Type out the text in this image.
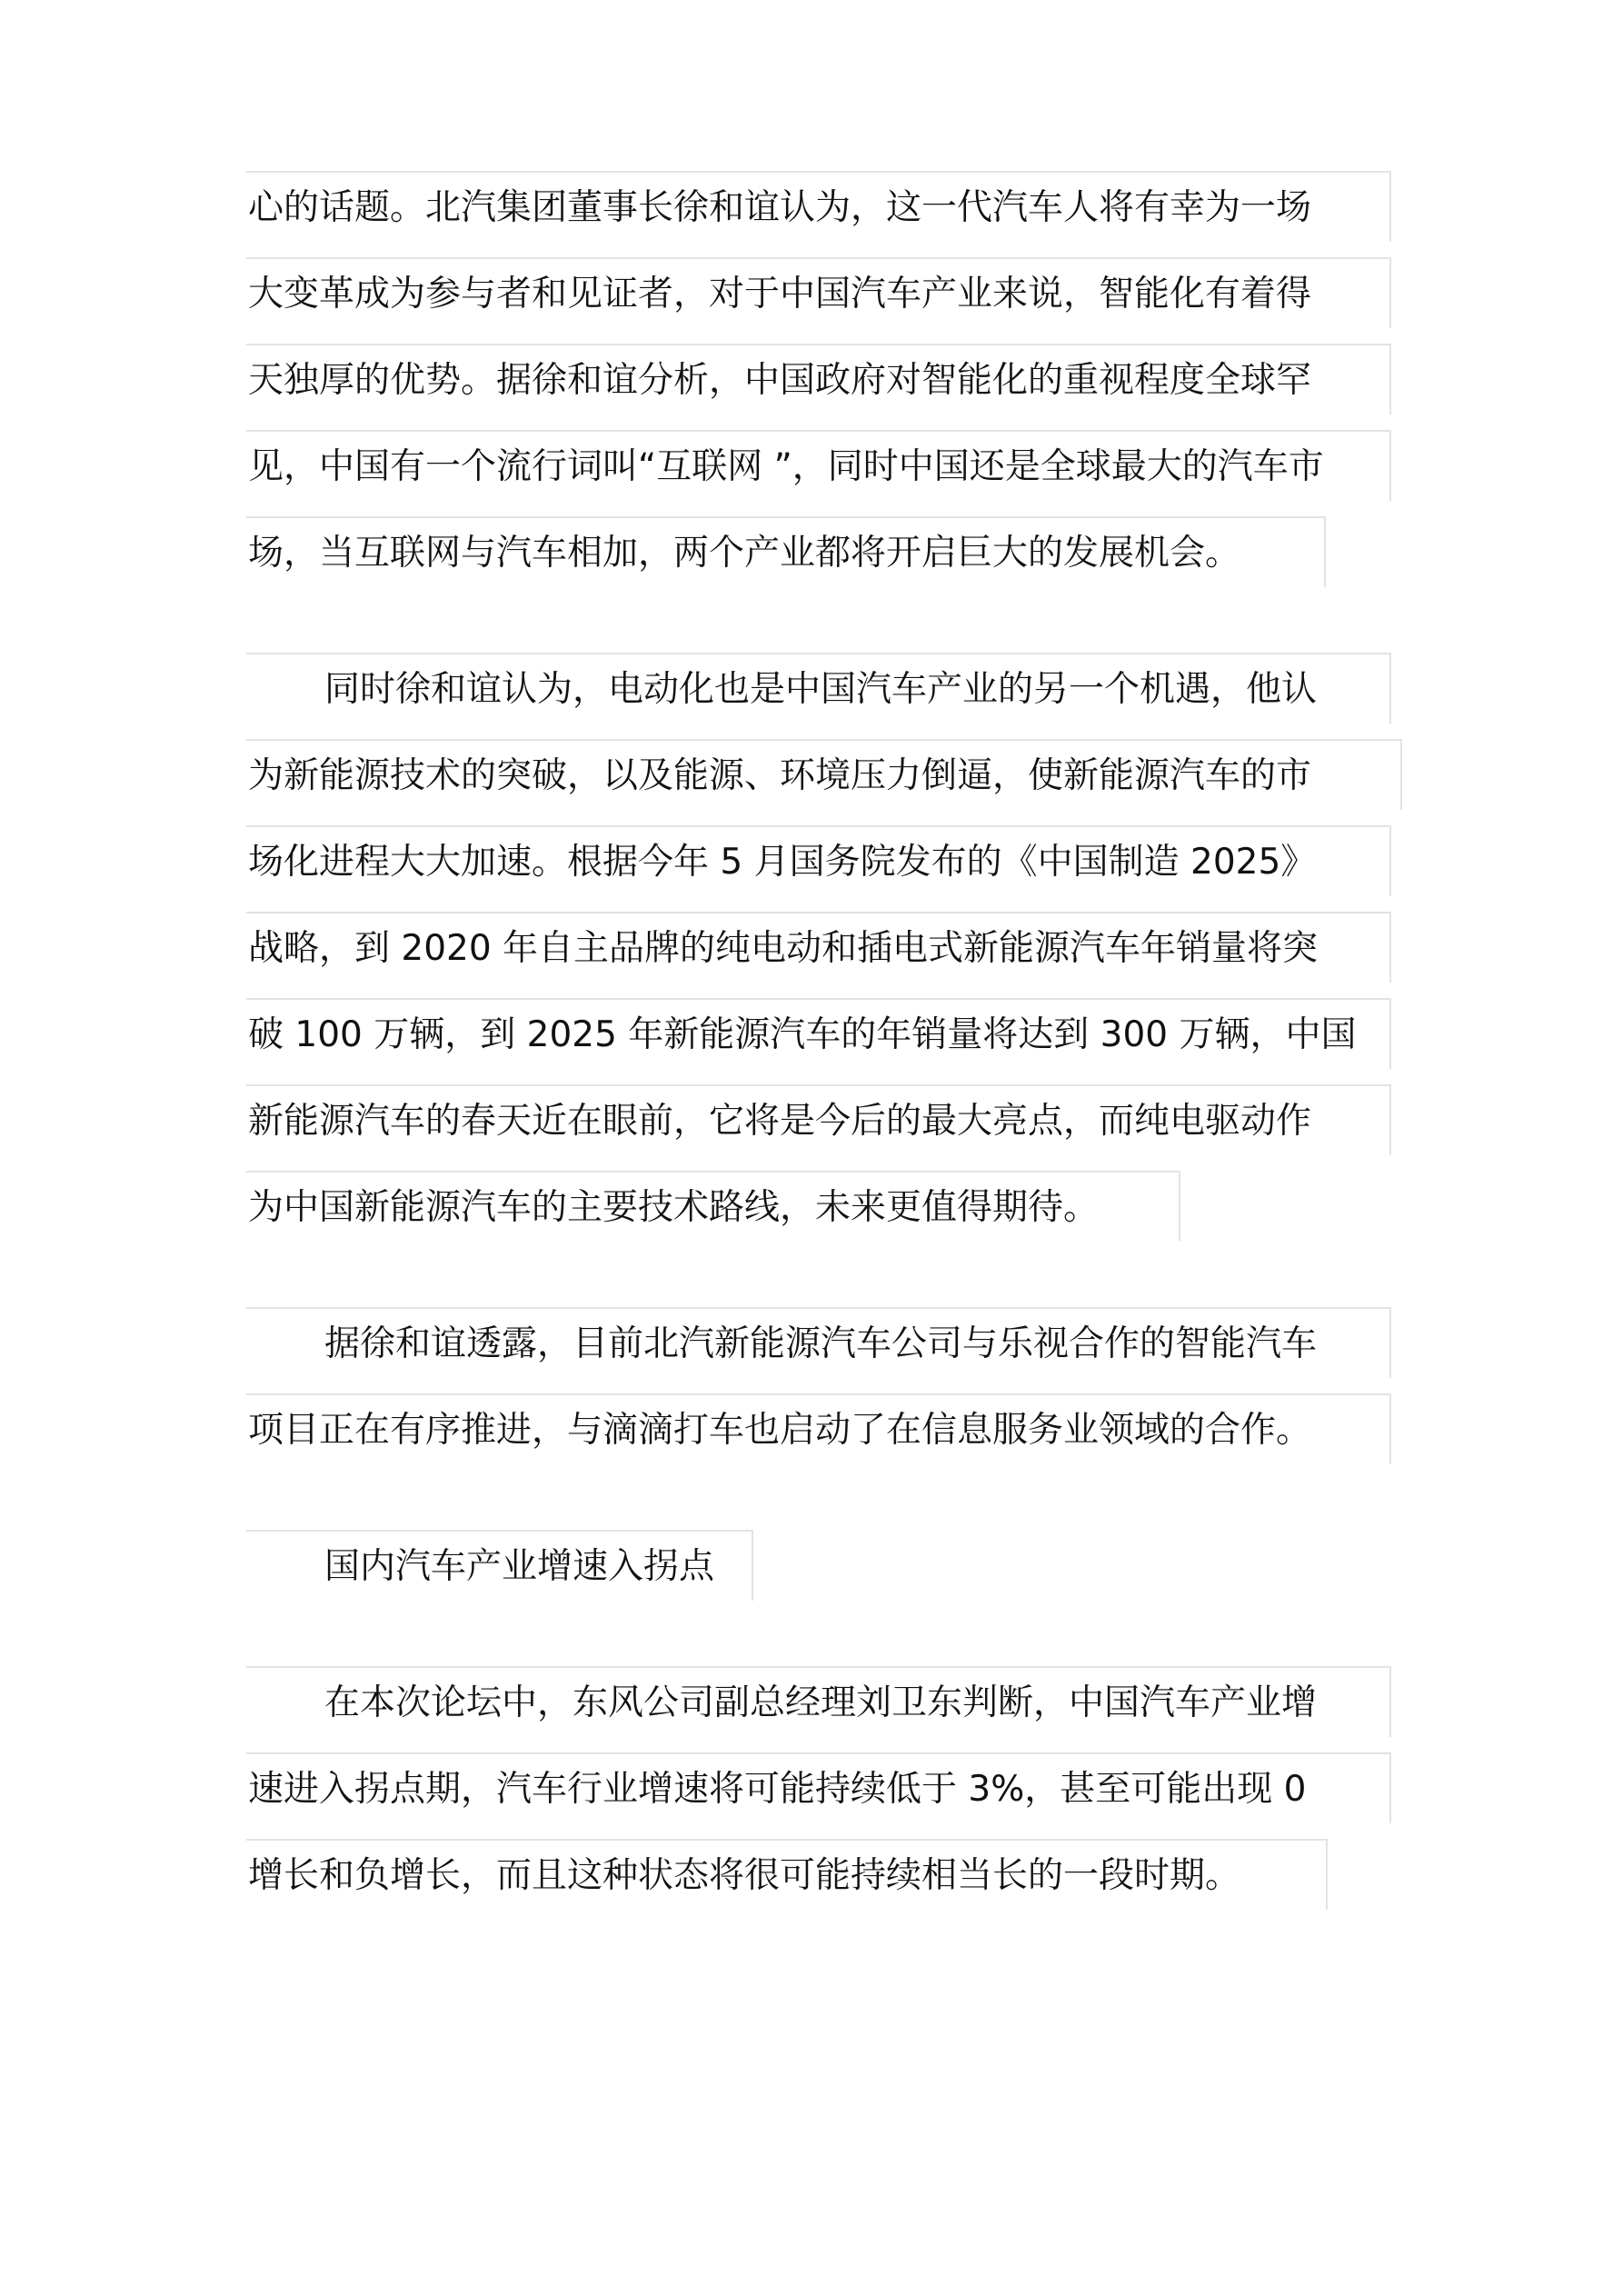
心的话题。北汽集团董事长徐和谊认为，这一代汽车人将有幸为一场
大变革成为参与者和见证者，对于中国汽车产业来说，智能化有着得
天独厚的优势。据徐和谊分析，中国政府对智能化的重视程度全球罕
见，中国有一个流行词叫“互联网 ”，同时中国还是全球最大的汽车市
场，当互联网与汽车相加，两个产业都将开启巨大的发展机会。
同时徐和谊认为，电动化也是中国汽车产业的另一个机遇，他认
为新能源技术的突破，以及能源、环境压力倒逼，使新能源汽车的市
场化进程大大加速。根据今年 5 月国务院发布的《中国制造 2025》
战略，到 2020 年自主品牌的纯电动和插电式新能源汽车年销量将突
破 100 万辆，到 2025 年新能源汽车的年销量将达到 300 万辆，中国
新能源汽车的春天近在眼前，它将是今后的最大亮点，而纯电驱动作
为中国新能源汽车的主要技术路线，未来更值得期待。
据徐和谊透露，目前北汽新能源汽车公司与乐视合作的智能汽车
项目正在有序推进，与滴滴打车也启动了在信息服务业领域的合作。
国内汽车产业增速入拐点
在本次论坛中，东风公司副总经理刘卫东判断，中国汽车产业增
速进入拐点期，汽车行业增速将可能持续低于 3%，甚至可能出现 0
增长和负增长，而且这种状态将很可能持续相当长的一段时期。
